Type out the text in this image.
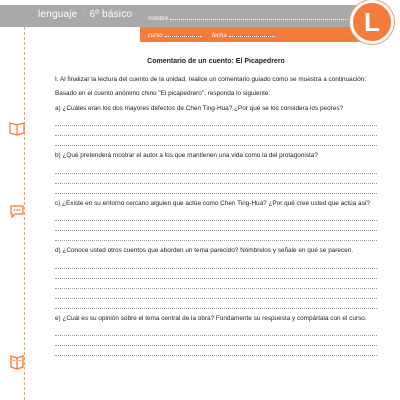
lenguaje + 6º básico	nombre
curso	fecha	L
Comentario de un cuento: El Picapedrero

I. Al finalizar la lectura del cuento de la unidad, realice un comentario guiado como se muestra a continuación:

Basado en el cuento anónimo chino "El picapedrero", responda lo siguiente:

a) ¿Cuáles eran los dos mayores defectos de Chen Ting-Hua? ¿Por qué se los considera los peores?

b) ¿Qué pretenderá mostrar el autor a los que mantienen una vida como la del protagonista?

c) ¿Existe en su entorno cercano alguien que actúe como Chen Ting-Hua? ¿Por qué cree usted que actúa así?

d) ¿Conoce usted otros cuentos que aborden un tema parecido? Nómbrelos y señale en qué se parecen.

e) ¿Cuál es su opinión sobre el tema central de la obra? Fundamente su respuesta y compártala con el curso.
